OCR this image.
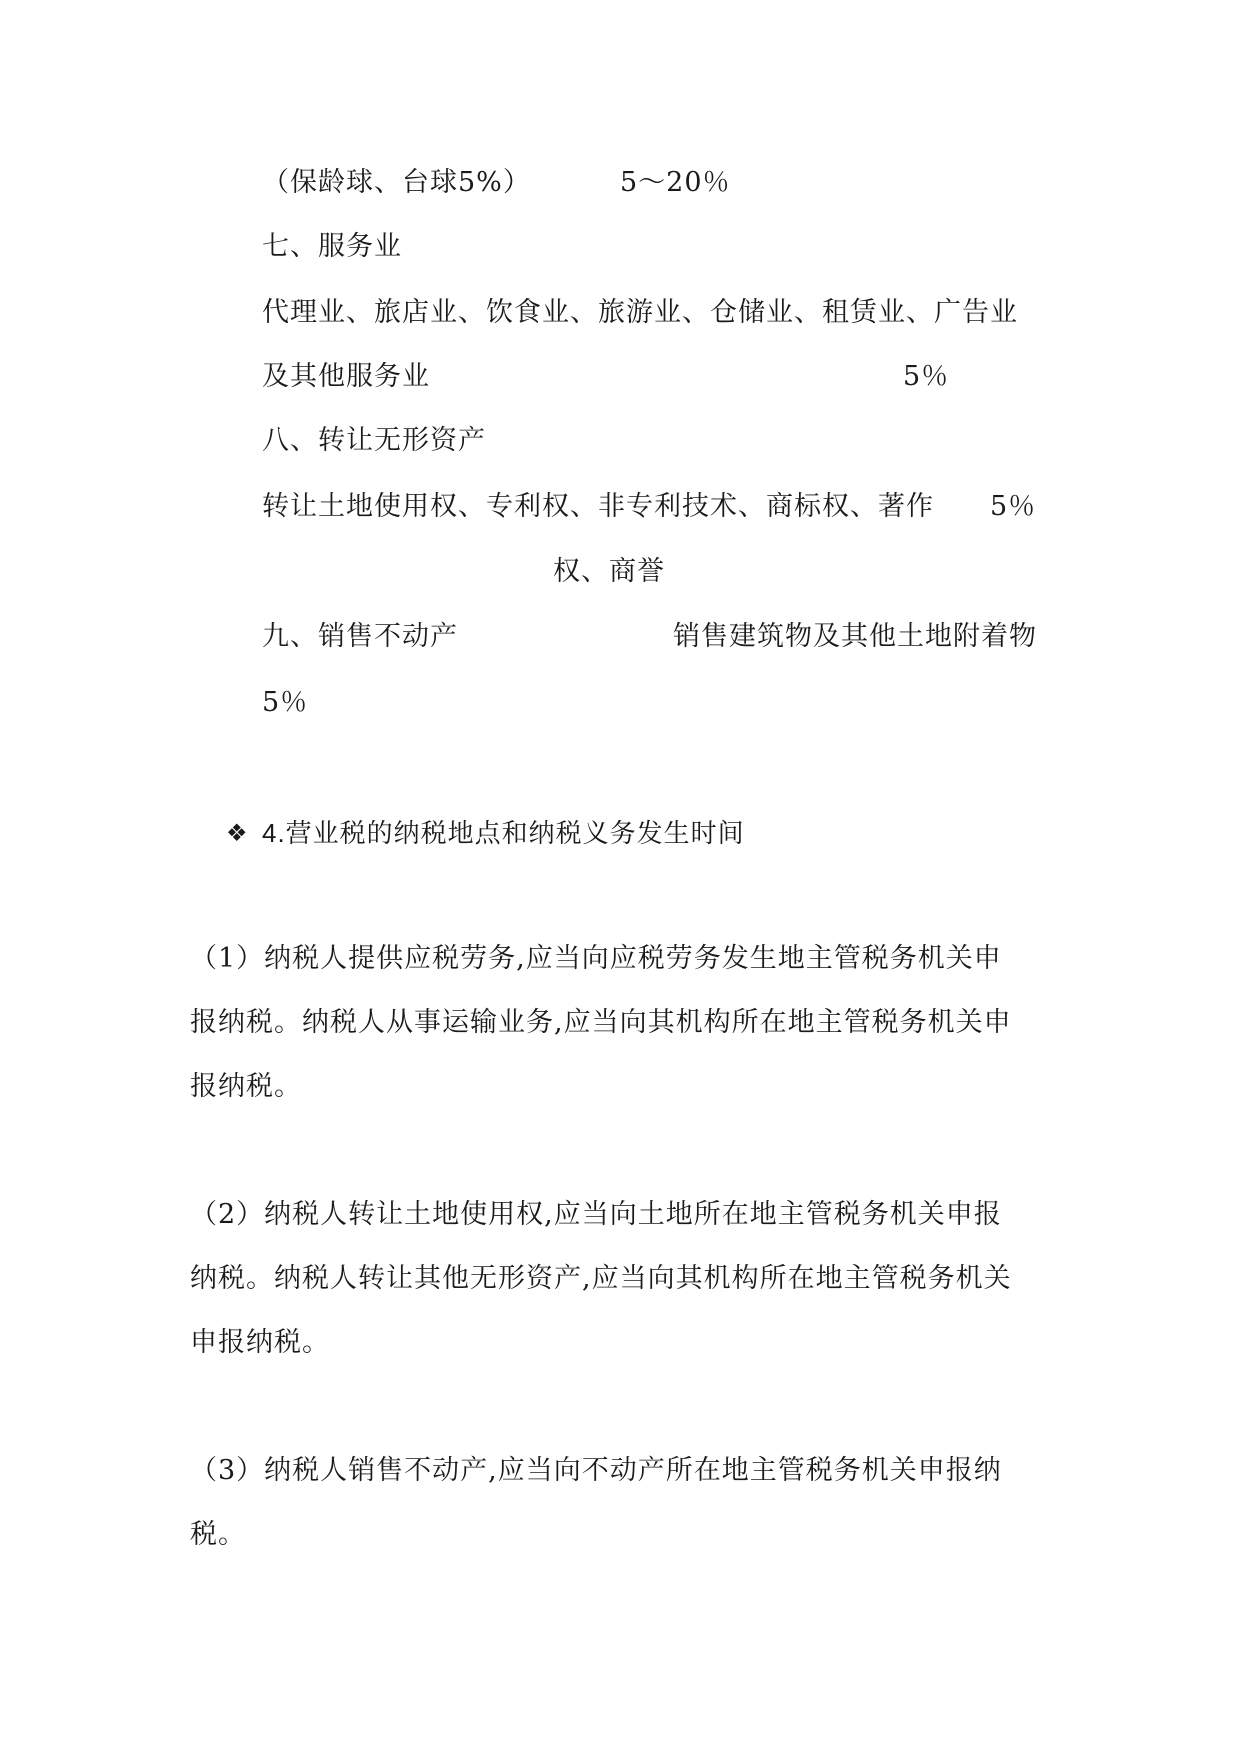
（保龄球、台球5%）	5～20％
七、服务业
代理业、旅店业、饮食业、旅游业、仓储业、租赁业、广告业
及其他服务业	5％
八、转让无形资产
转让土地使用权、专利权、非专利技术、商标权、著作 5％
权、商誉
九、销售不动产	销售建筑物及其他土地附着物
5％
❖ 4.营业税的纳税地点和纳税义务发生时间
（1）纳税人提供应税劳务,应当向应税劳务发生地主管税务机关申
报纳税。纳税人从事运输业务,应当向其机构所在地主管税务机关申
报纳税。
（2）纳税人转让土地使用权,应当向土地所在地主管税务机关申报
纳税。纳税人转让其他无形资产,应当向其机构所在地主管税务机关
申报纳税。
（3）纳税人销售不动产,应当向不动产所在地主管税务机关申报纳
税。
